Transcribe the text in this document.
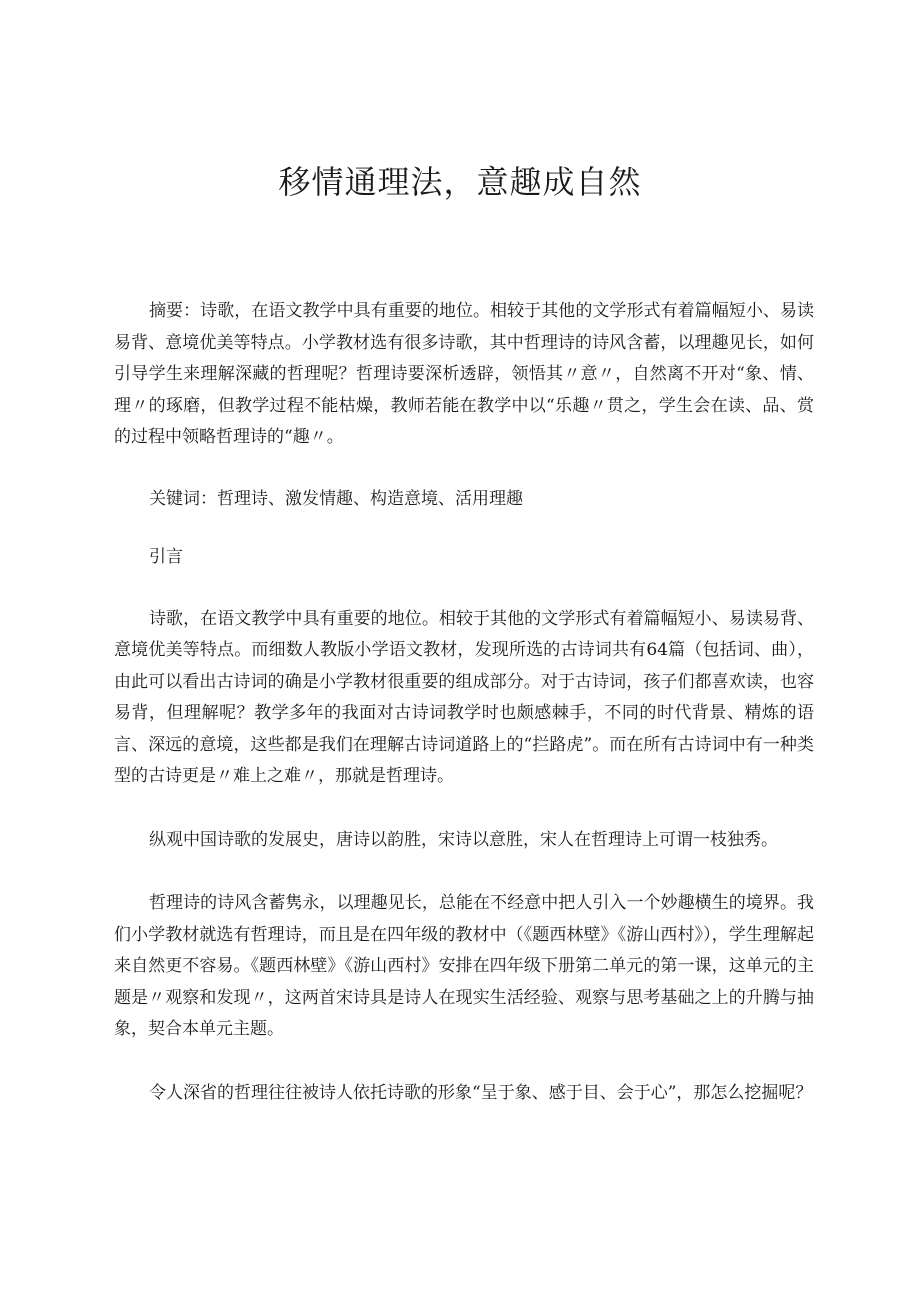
移情通理法，意趣成自然

摘要：诗歌，在语文教学中具有重要的地位。相较于其他的文学形式有着篇幅短小、易读易背、意境优美等特点。小学教材选有很多诗歌，其中哲理诗的诗风含蓄，以理趣见长，如何引导学生来理解深藏的哲理呢？哲理诗要深析透辟，领悟其〃意〃，自然离不开对“象、情、理〃的琢磨，但教学过程不能枯燥，教师若能在教学中以“乐趣〃贯之，学生会在读、品、赏的过程中领略哲理诗的“趣〃。

关键词：哲理诗、激发情趣、构造意境、活用理趣

引言

诗歌，在语文教学中具有重要的地位。相较于其他的文学形式有着篇幅短小、易读易背、意境优美等特点。而细数人教版小学语文教材，发现所选的古诗词共有64篇（包括词、曲），由此可以看出古诗词的确是小学教材很重要的组成部分。对于古诗词，孩子们都喜欢读，也容易背，但理解呢？教学多年的我面对古诗词教学时也颇感棘手，不同的时代背景、精炼的语言、深远的意境，这些都是我们在理解古诗词道路上的“拦路虎”。而在所有古诗词中有一种类型的古诗更是〃难上之难〃，那就是哲理诗。

纵观中国诗歌的发展史，唐诗以韵胜，宋诗以意胜，宋人在哲理诗上可谓一枝独秀。

哲理诗的诗风含蓄隽永，以理趣见长，总能在不经意中把人引入一个妙趣横生的境界。我们小学教材就选有哲理诗，而且是在四年级的教材中（《题西林壁》《游山西村》），学生理解起来自然更不容易。《题西林壁》《游山西村》安排在四年级下册第二单元的第一课，这单元的主题是〃观察和发现〃，这两首宋诗具是诗人在现实生活经验、观察与思考基础之上的升腾与抽象，契合本单元主题。

令人深省的哲理往往被诗人依托诗歌的形象“呈于象、感于目、会于心”，那怎么挖掘呢？
